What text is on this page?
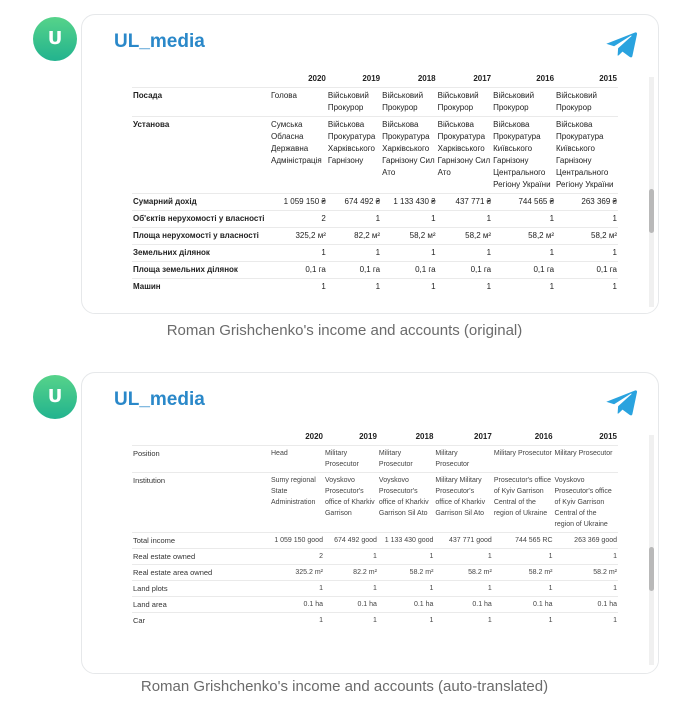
U	UL_media
	2020	2019	2018	2017	2016	2015
Посада	Голова	Військовий Прокурор	Військовий Прокурор	Військовий Прокурор	Військовий Прокурор	Військовий Прокурор
Установа	Сумська Обласна Державна Адміністрація	Військова Прокуратура Харківського Гарнізону	Військова Прокуратура Харківського Гарнізону Сил Ато	Військова Прокуратура Харківського Гарнізону Сил Ато	Військова Прокуратура Київського Гарнізону Центрального Регіону України	Військова Прокуратура Київського Гарнізону Центрального Регіону України
Сумарний дохід	1 059 150 ₴	674 492 ₴	1 133 430 ₴	437 771 ₴	744 565 ₴	263 369 ₴
Об'єктів нерухомості у власності	2	1	1	1	1	1
Площа нерухомості у власності	325,2 м²	82,2 м²	58,2 м²	58,2 м²	58,2 м²	58,2 м²
Земельних ділянок	1	1	1	1	1	1
Площа земельних ділянок	0,1 га	0,1 га	0,1 га	0,1 га	0,1 га	0,1 га
Машин	1	1	1	1	1	1
Roman Grishchenko's income and accounts (original)
U	UL_media
	2020	2019	2018	2017	2016	2015
Position	Head	Military Prosecutor	Military Prosecutor	Military Prosecutor	Military Prosecutor	Military Prosecutor
Institution	Sumy regional State Administration	Voyskovo Prosecutor's office of Kharkiv Garrison	Voyskovo Prosecutor's office of Kharkiv Garrison Sil Ato	Military Military Prosecutor's office of Kharkiv Garrison Sil Ato	Prosecutor's office of Kyiv Garrison Central of the region of Ukraine	Voyskovo Prosecutor's office of Kyiv Garrison Central of the region of Ukraine
Total income	1 059 150 good	674 492 good	1 133 430 good	437 771 good	744 565 RC	263 369 good
Real estate owned	2	1	1	1	1	1
Real estate area owned	325.2 m²	82.2 m²	58.2 m²	58.2 m²	58.2 m²	58.2 m²
Land plots	1	1	1	1	1	1
Land area	0.1 ha	0.1 ha	0.1 ha	0.1 ha	0.1 ha	0.1 ha
Car	1	1	1	1	1	1
Roman Grishchenko's income and accounts (auto-translated)
